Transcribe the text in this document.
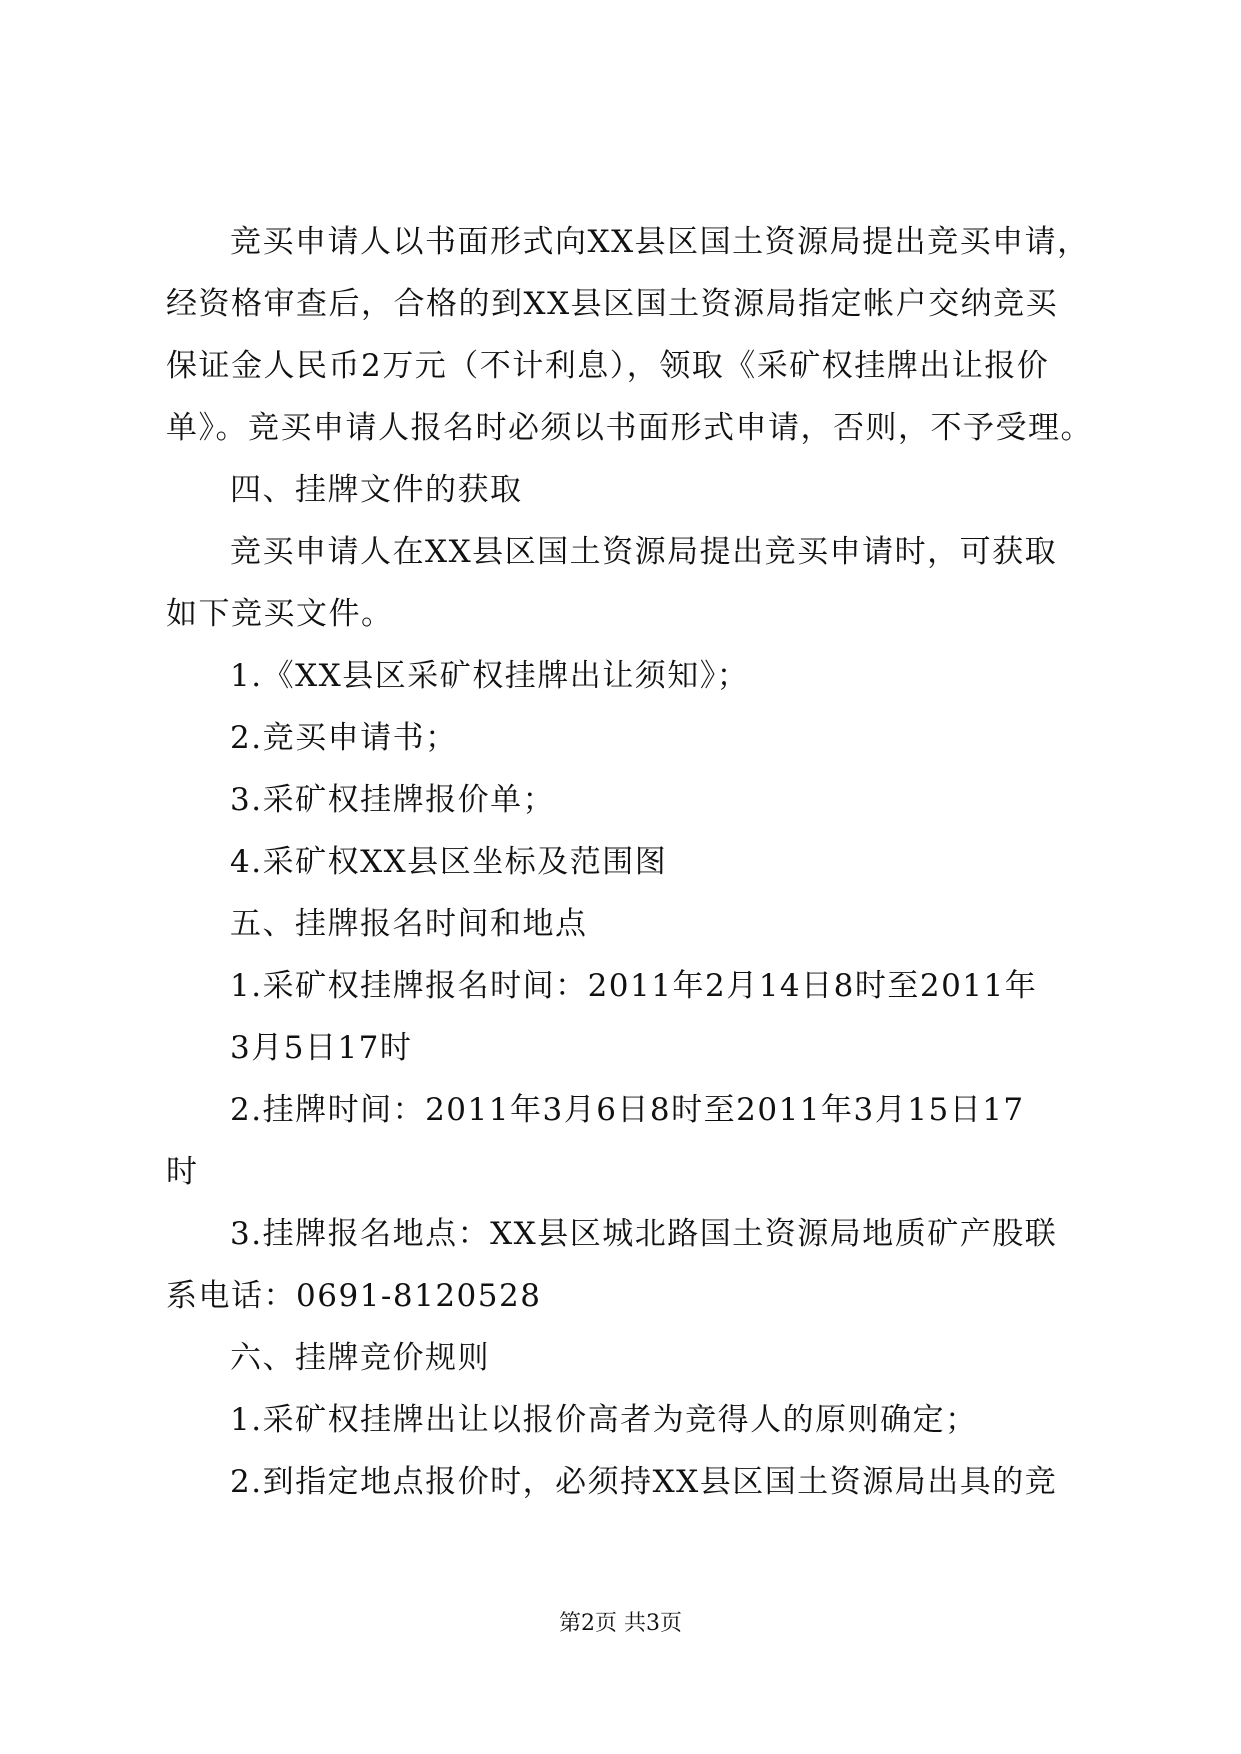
竞买申请人以书面形式向XX县区国土资源局提出竞买申请，
经资格审查后，合格的到XX县区国土资源局指定帐户交纳竞买
保证金人民币2万元（不计利息），领取《采矿权挂牌出让报价
单》。竞买申请人报名时必须以书面形式申请，否则，不予受理。
四、挂牌文件的获取
竞买申请人在XX县区国土资源局提出竞买申请时，可获取
如下竞买文件。
1.《XX县区采矿权挂牌出让须知》；
2.竞买申请书；
3.采矿权挂牌报价单；
4.采矿权XX县区坐标及范围图
五、挂牌报名时间和地点
1.采矿权挂牌报名时间：2011年2月14日8时至2011年
3月5日17时
2.挂牌时间：2011年3月6日8时至2011年3月15日17
时
3.挂牌报名地点：XX县区城北路国土资源局地质矿产股联
系电话：0691-8120528
六、挂牌竞价规则
1.采矿权挂牌出让以报价高者为竞得人的原则确定；
2.到指定地点报价时，必须持XX县区国土资源局出具的竞
第2页 共3页
